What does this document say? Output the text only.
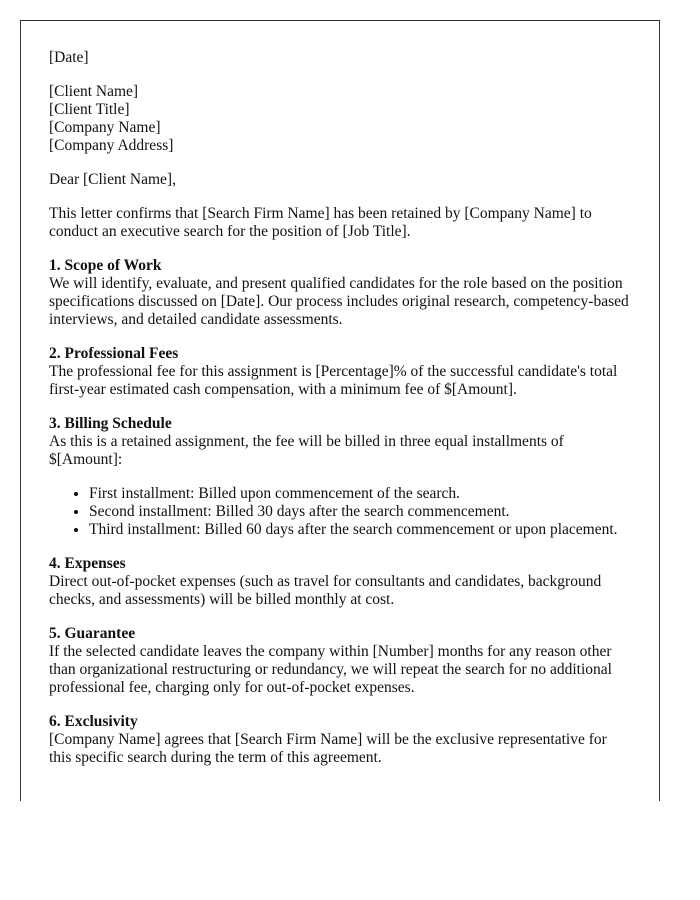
[Date]

[Client Name]
[Client Title]
[Company Name]
[Company Address]

Dear [Client Name],

This letter confirms that [Search Firm Name] has been retained by [Company Name] to conduct an executive search for the position of [Job Title].

1. Scope of Work
We will identify, evaluate, and present qualified candidates for the role based on the position specifications discussed on [Date]. Our process includes original research, competency-based interviews, and detailed candidate assessments.
2. Professional Fees
The professional fee for this assignment is [Percentage]% of the successful candidate's total first-year estimated cash compensation, with a minimum fee of $[Amount].
3. Billing Schedule
As this is a retained assignment, the fee will be billed in three equal installments of $[Amount]:
• First installment: Billed upon commencement of the search.
• Second installment: Billed 30 days after the search commencement.
• Third installment: Billed 60 days after the search commencement or upon placement.
4. Expenses
Direct out-of-pocket expenses (such as travel for consultants and candidates, background checks, and assessments) will be billed monthly at cost.
5. Guarantee
If the selected candidate leaves the company within [Number] months for any reason other than organizational restructuring or redundancy, we will repeat the search for no additional professional fee, charging only for out-of-pocket expenses.
6. Exclusivity
[Company Name] agrees that [Search Firm Name] will be the exclusive representative for this specific search during the term of this agreement.
